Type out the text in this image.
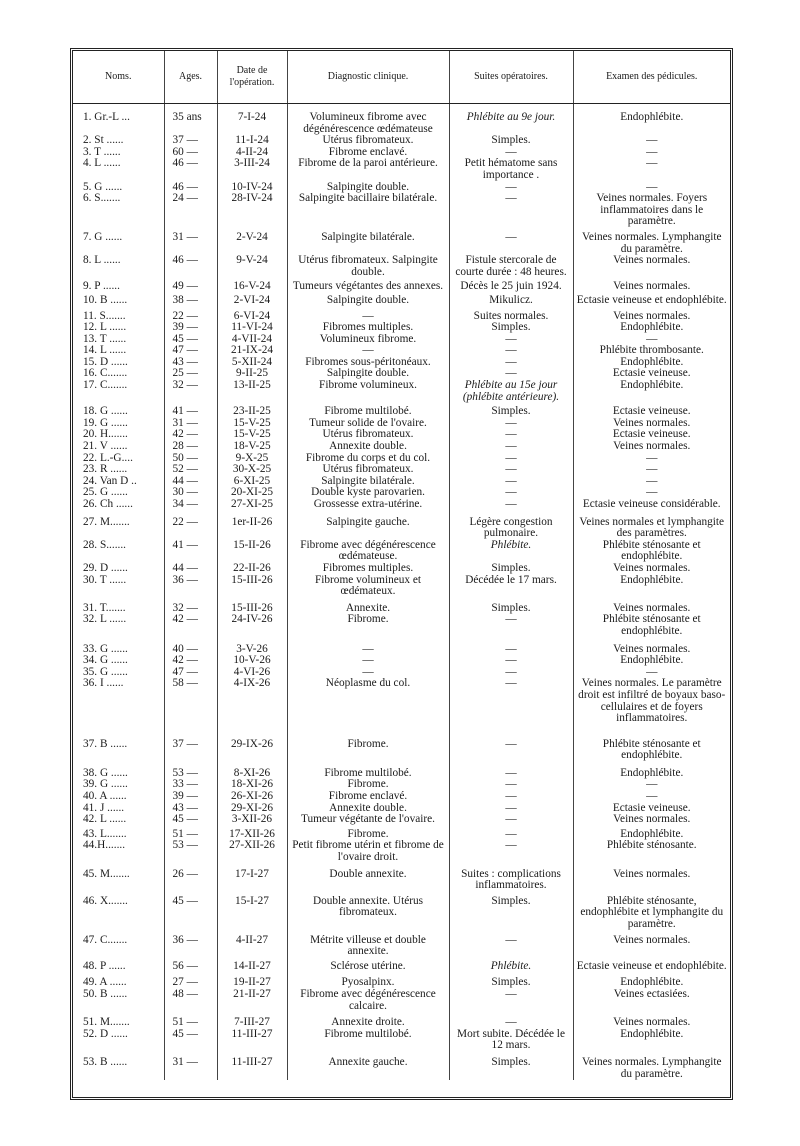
Noms.	Ages.	Date de l'opération.	Diagnostic clinique.	Suites opératoires.	Examen des pédicules.
1. Gr.-L ...	35 ans	7-I-24	Volumineux fibrome avec dégénérescence œdémateuse	Phlébite au 9e jour.	Endophlébite.
2. St ......	37 —	11-I-24	Utérus fibromateux.	Simples.	—
3. T ......	60 —	4-II-24	Fibrome enclavé.	—	—
4. L ......	46 —	3-III-24	Fibrome de la paroi antérieure.	Petit hématome sans importance .	—
5. G ......	46 —	10-IV-24	Salpingite double.	—	—
6. S.......	24 —	28-IV-24	Salpingite bacillaire bilatérale.	—	Veines normales. Foyers inflammatoires dans le paramètre.
7. G ......	31 —	2-V-24	Salpingite bilatérale.	—	Veines normales. Lymphangite du paramètre.
8. L ......	46 —	9-V-24	Utérus fibromateux. Salpingite double.	Fistule stercorale de courte durée : 48 heures.	Veines normales.
9. P ......	49 —	16-V-24	Tumeurs végétantes des annexes.	Décès le 25 juin 1924.	Veines normales.
10. B ......	38 —	2-VI-24	Salpingite double.	Mikulicz.	Ectasie veineuse et endophlébite.
11. S.......	22 —	6-VI-24	—	Suites normales.	Veines normales.
12. L ......	39 —	11-VI-24	Fibromes multiples.	Simples.	Endophlébite.
13. T ......	45 —	4-VII-24	Volumineux fibrome.	—	—
14. L ......	47 —	21-IX-24	—	—	Phlébite thrombosante.
15. D ......	43 —	5-XII-24	Fibromes sous-péritonéaux.	—	Endophlébite.
16. C.......	25 —	9-II-25	Salpingite double.	—	Ectasie veineuse.
17. C.......	32 —	13-II-25	Fibrome volumineux.	Phlébite au 15e jour (phlébite antérieure).	Endophlébite.
18. G ......	41 —	23-II-25	Fibrome multilobé.	Simples.	Ectasie veineuse.
19. G ......	31 —	15-V-25	Tumeur solide de l'ovaire.	—	Veines normales.
20. H.......	42 —	15-V-25	Utérus fibromateux.	—	Ectasie veineuse.
21. V ......	28 —	18-V-25	Annexite double.	—	Veines normales.
22. L.-G....	50 —	9-X-25	Fibrome du corps et du col.	—	—
23. R ......	52 —	30-X-25	Utérus fibromateux.	—	—
24. Van D ..	44 —	6-XI-25	Salpingite bilatérale.	—	—
25. G ......	30 —	20-XI-25	Double kyste parovarien.	—	—
26. Ch ......	34 —	27-XI-25	Grossesse extra-utérine.	—	Ectasie veineuse considérable.
27. M.......	22 —	1er-II-26	Salpingite gauche.	Légère congestion pulmonaire.	Veines normales et lymphangite des paramètres.
28. S.......	41 —	15-II-26	Fibrome avec dégénérescence œdémateuse.	Phlébite.	Phlébite sténosante et endophlébite.
29. D ......	44 —	22-II-26	Fibromes multiples.	Simples.	Veines normales.
30. T ......	36 —	15-III-26	Fibrome volumineux et œdémateux.	Décédée le 17 mars.	Endophlébite.
31. T.......	32 —	15-III-26	Annexite.	Simples.	Veines normales.
32. L ......	42 —	24-IV-26	Fibrome.	—	Phlébite sténosante et endophlébite.
33. G ......	40 —	3-V-26	—	—	Veines normales.
34. G ......	42 —	10-V-26	—	—	Endophlébite.
35. G ......	47 —	4-VI-26	—	—	—
36. I ......	58 —	4-IX-26	Néoplasme du col.	—	Veines normales. Le paramètre droit est infiltré de boyaux baso-cellulaires et de foyers inflammatoires.
37. B ......	37 —	29-IX-26	Fibrome.	—	Phlébite sténosante et endophlébite.
38. G ......	53 —	8-XI-26	Fibrome multilobé.	—	Endophlébite.
39. G ......	33 —	18-XI-26	Fibrome.	—	—
40. A ......	39 —	26-XI-26	Fibrome enclavé.	—	—
41. J ......	43 —	29-XI-26	Annexite double.	—	Ectasie veineuse.
42. L ......	45 —	3-XII-26	Tumeur végétante de l'ovaire.	—	Veines normales.
43. L.......	51 —	17-XII-26	Fibrome.	—	Endophlébite.
44.H.......	53 —	27-XII-26	Petit fibrome utérin et fibrome de l'ovaire droit.	—	Phlébite sténosante.
45. M.......	26 —	17-I-27	Double annexite.	Suites : complications inflammatoires.	Veines normales.
46. X.......	45 —	15-I-27	Double annexite. Utérus fibromateux.	Simples.	Phlébite sténosante, endophlébite et lymphangite du paramètre.
47. C.......	36 —	4-II-27	Métrite villeuse et double annexite.	—	Veines normales.
48. P ......	56 —	14-II-27	Sclérose utérine.	Phlébite.	Ectasie veineuse et endophlébite.
49. A ......	27 —	19-II-27	Pyosalpinx.	Simples.	Endophlébite.
50. B ......	48 —	21-II-27	Fibrome avec dégénérescence calcaire.	—	Veines ectasiées.
51. M.......	51 —	7-III-27	Annexite droite.	—	Veines normales.
52. D ......	45 —	11-III-27	Fibrome multilobé.	Mort subite. Décédée le 12 mars.	Endophlébite.
53. B ......	31 —	11-III-27	Annexite gauche.	Simples.	Veines normales. Lymphangite du paramètre.
